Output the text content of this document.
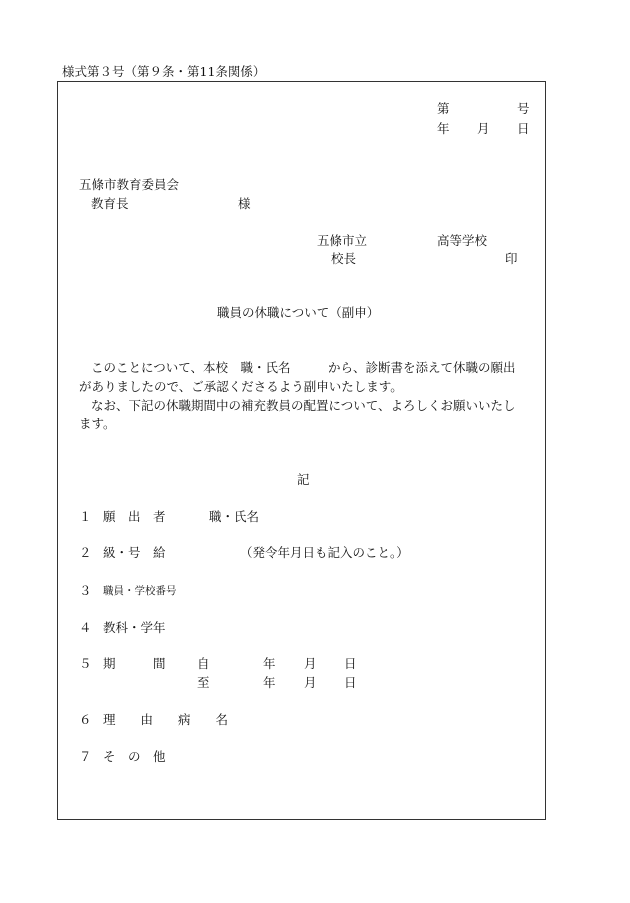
様式第３号（第９条・第11条関係）
第	号
年 月 日
五條市教育委員会
教育長	様
五條市立	高等学校
校長	印
職員の休職について（副申）
このことについて、本校　職・氏名　　　から、診断書を添えて休職の願出
がありましたので、ご承認くださるよう副申いたします。
なお、下記の休職期間中の補充教員の配置について、よろしくお願いいたし
ます。
記
１ 願　出　者	職・氏名
２ 級・号　給	（発令年月日も記入のこと。）
３ 職員・学校番号
４ 教科・学年
５ 期　　　間	自	年 月 日
至	年 月 日
６ 理　　由　　病　　名
７ そ　の　他
